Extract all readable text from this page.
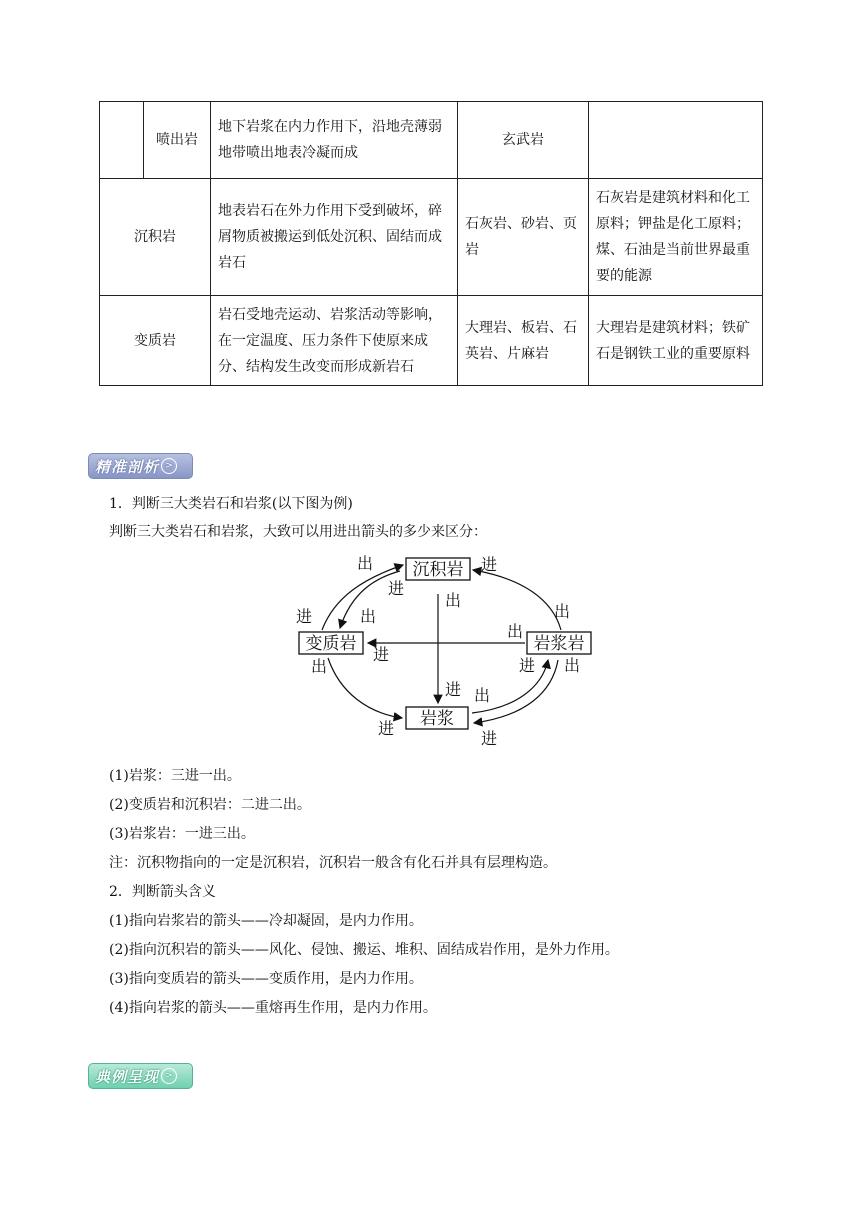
	喷出岩	地下岩浆在内力作用下，沿地壳薄弱地带喷出地表冷凝而成	玄武岩	
沉积岩		地表岩石在外力作用下受到破坏，碎屑物质被搬运到低处沉积、固结而成岩石	石灰岩、砂岩、页岩	石灰岩是建筑材料和化工原料；钾盐是化工原料；煤、石油是当前世界最重要的能源
变质岩		岩石受地壳运动、岩浆活动等影响，在一定温度、压力条件下使原来成分、结构发生改变而形成新岩石	大理岩、板岩、石英岩、片麻岩	大理岩是建筑材料；铁矿石是钢铁工业的重要原料
精准剖析 >
1．判断三大类岩石和岩浆(以下图为例)
判断三大类岩石和岩浆，大致可以用进出箭头的多少来区分：
沉积岩
变质岩	岩浆岩
岩浆
出
进
进
出
出
进	出
进
出
进 出
出
进 出
进
进
(1)岩浆：三进一出。
(2)变质岩和沉积岩：二进二出。
(3)岩浆岩：一进三出。
注：沉积物指向的一定是沉积岩，沉积岩一般含有化石并具有层理构造。
2．判断箭头含义
(1)指向岩浆岩的箭头——冷却凝固，是内力作用。
(2)指向沉积岩的箭头——风化、侵蚀、搬运、堆积、固结成岩作用，是外力作用。
(3)指向变质岩的箭头——变质作用，是内力作用。
(4)指向岩浆的箭头——重熔再生作用，是内力作用。
典例呈现 >
